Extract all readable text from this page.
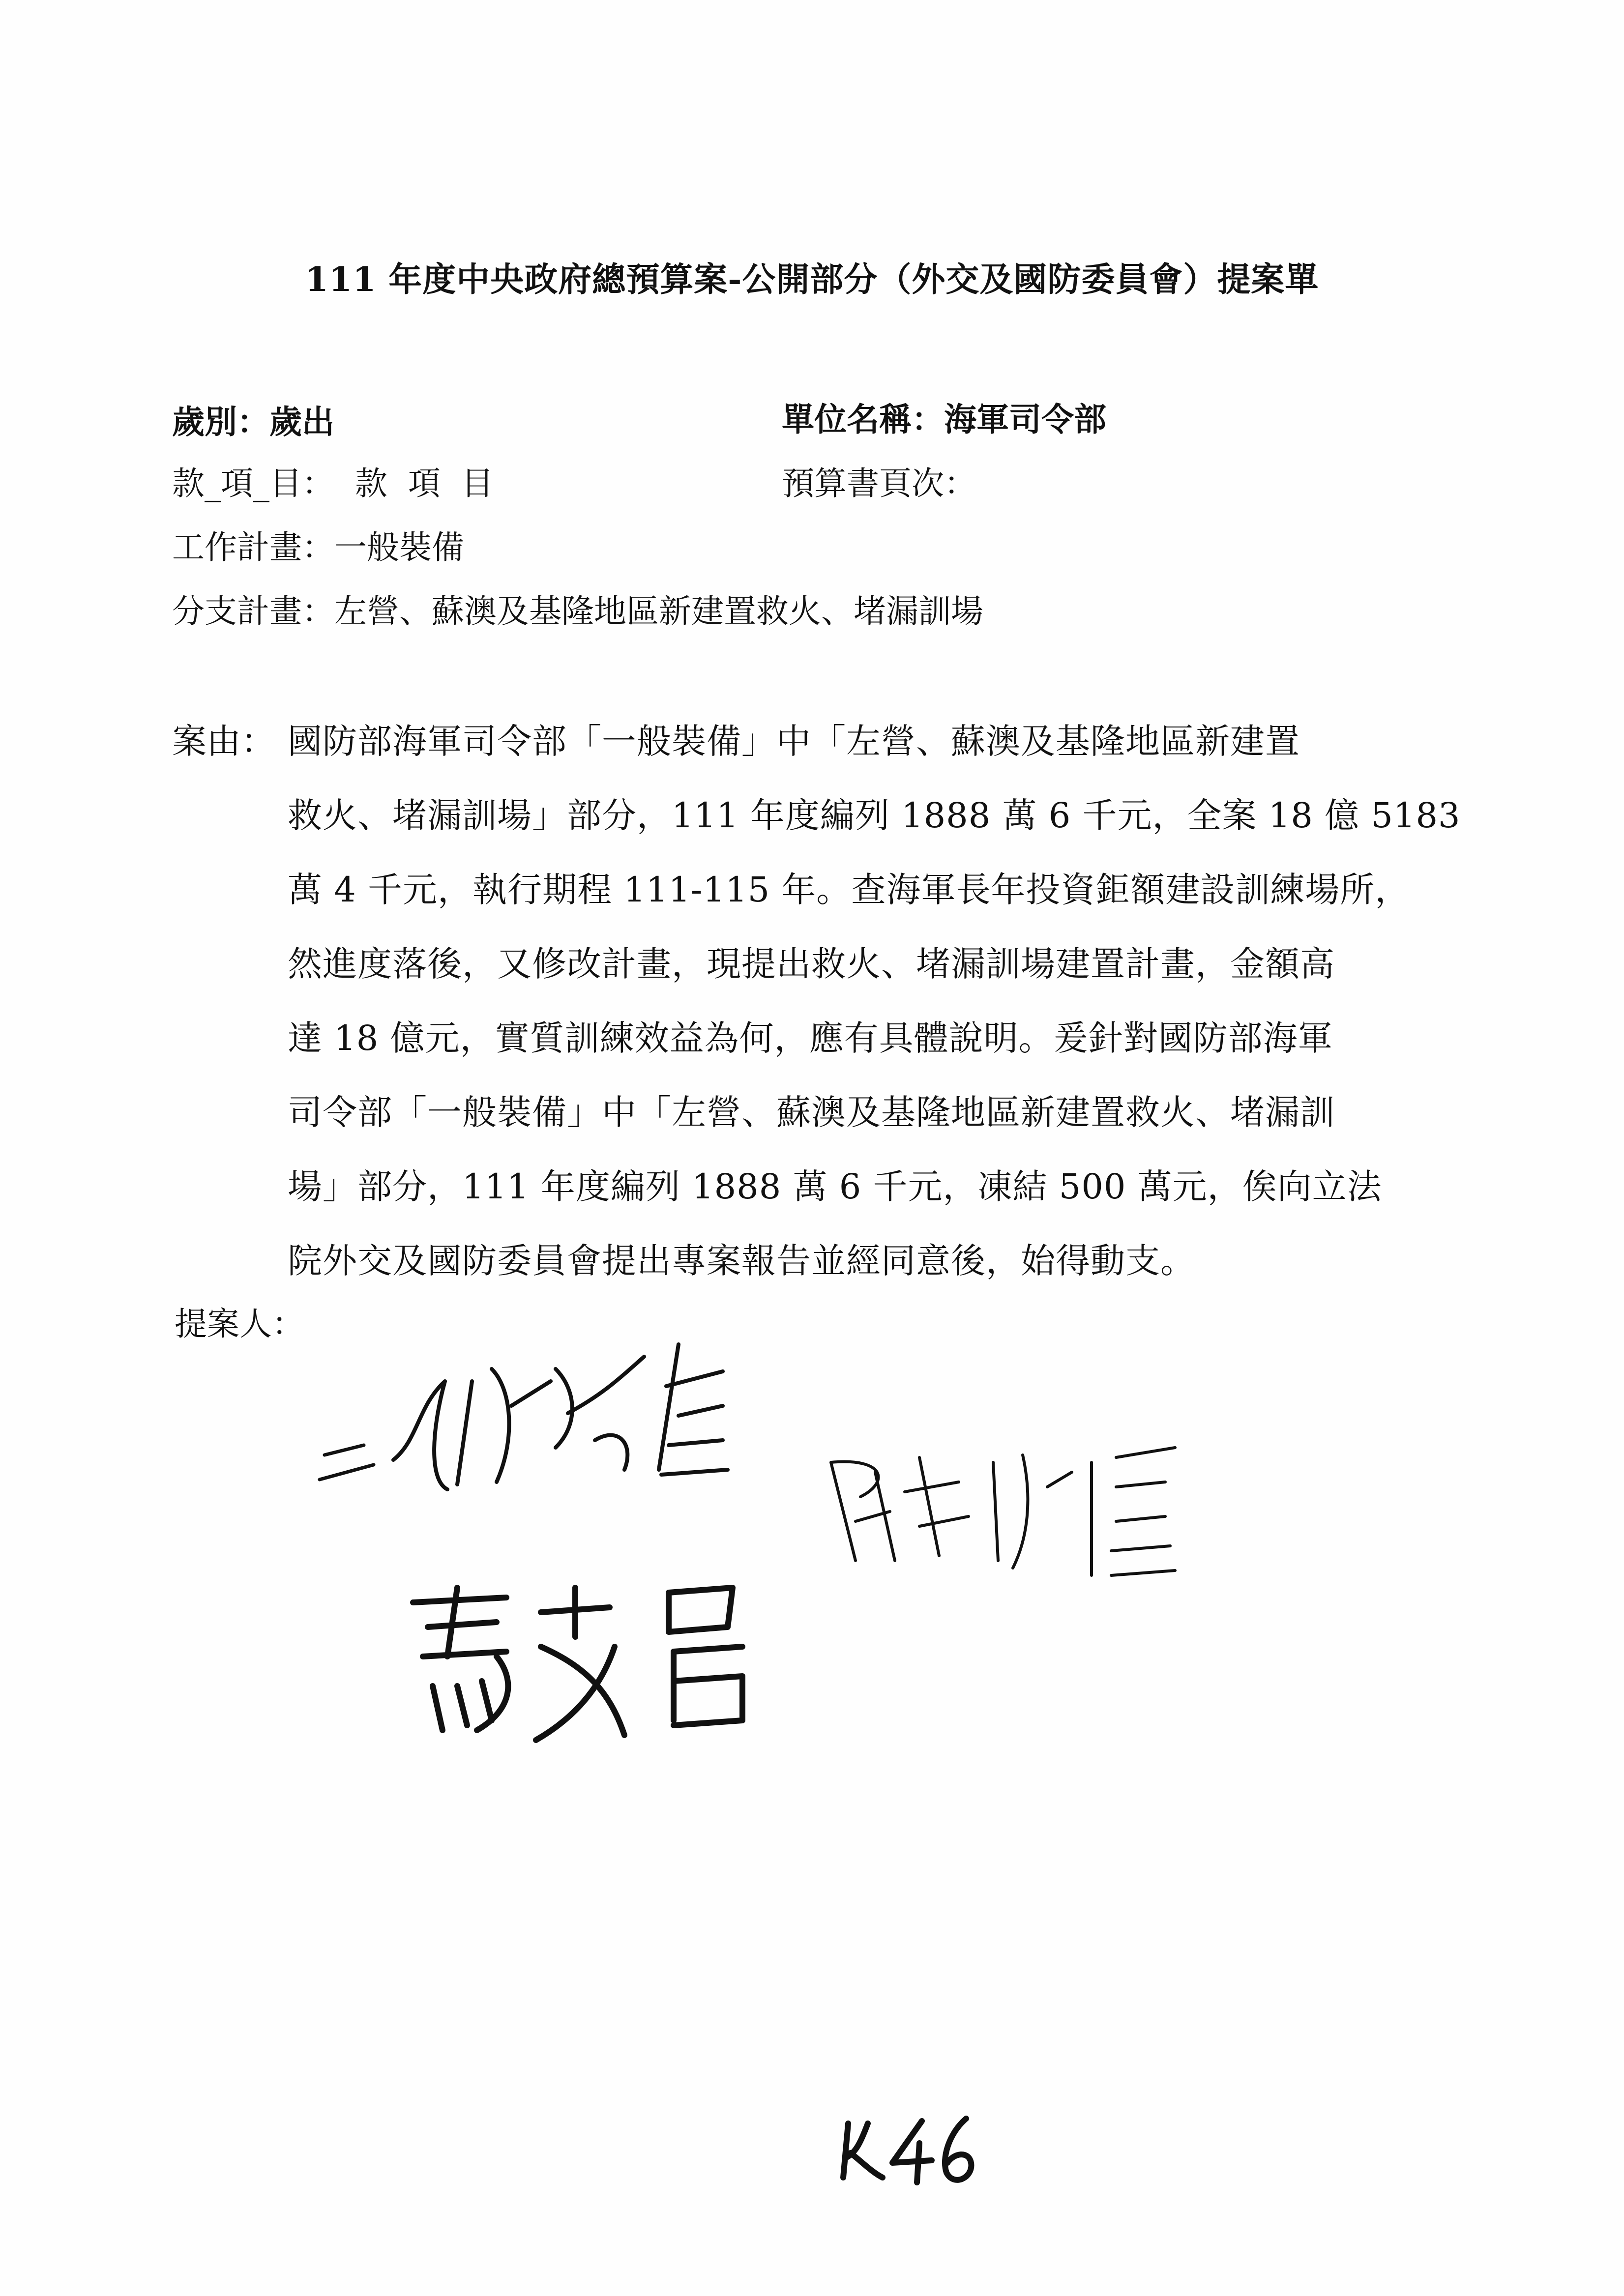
111 年度中央政府總預算案-公開部分（外交及國防委員會）提案單
歲別：歲出	單位名稱：海軍司令部
款_項_目：  款  項  目	預算書頁次：
工作計畫：一般裝備
分支計畫：左營、蘇澳及基隆地區新建置救火、堵漏訓場
案由： 國防部海軍司令部「一般裝備」中「左營、蘇澳及基隆地區新建置
救火、堵漏訓場」部分，111 年度編列 1888 萬 6 千元，全案 18 億 5183
萬 4 千元，執行期程 111-115 年。查海軍長年投資鉅額建設訓練場所，
然進度落後，又修改計畫，現提出救火、堵漏訓場建置計畫，金額高
達 18 億元，實質訓練效益為何，應有具體說明。爰針對國防部海軍
司令部「一般裝備」中「左營、蘇澳及基隆地區新建置救火、堵漏訓
場」部分，111 年度編列 1888 萬 6 千元，凍結 500 萬元，俟向立法
院外交及國防委員會提出專案報告並經同意後，始得動支。
提案人：
